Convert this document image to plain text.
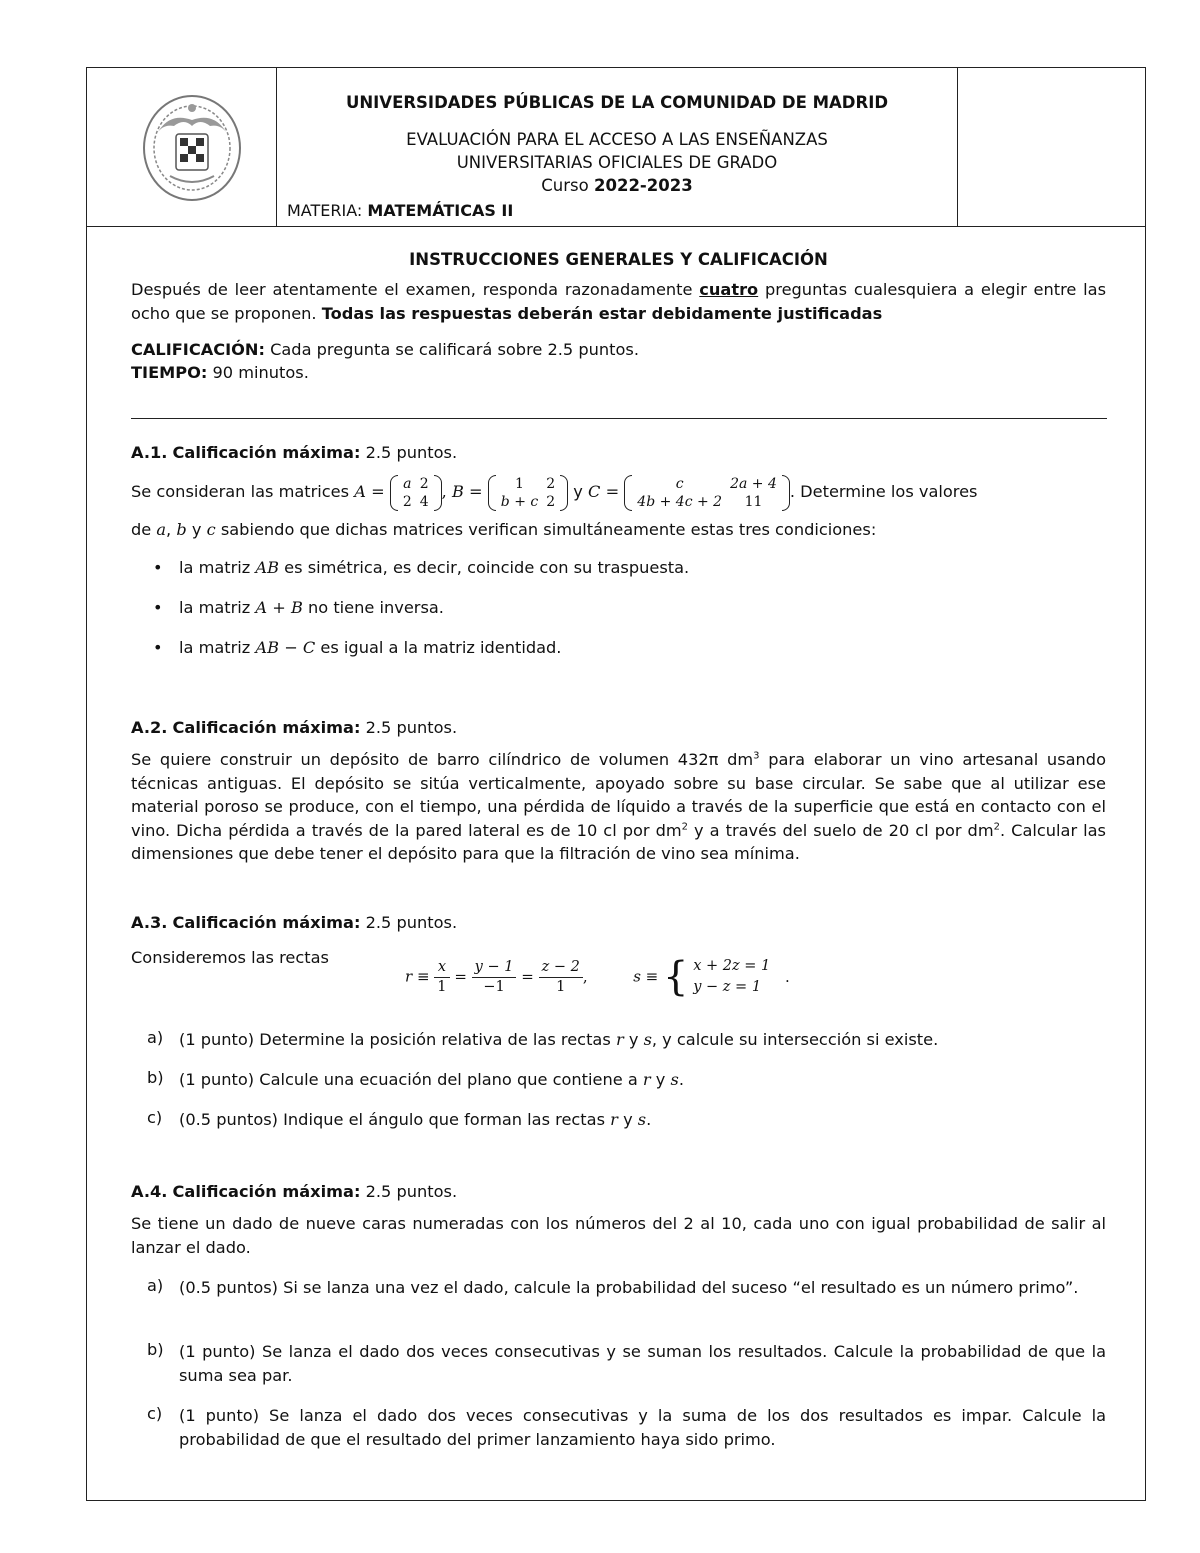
UNIVERSIDADES PÚBLICAS DE LA COMUNIDAD DE MADRID
EVALUACIÓN PARA EL ACCESO A LAS ENSEÑANZAS
UNIVERSITARIAS OFICIALES DE GRADO
Curso 2022-2023
MATERIA: MATEMÁTICAS II
INSTRUCCIONES GENERALES Y CALIFICACIÓN
Después de leer atentamente el examen, responda razonadamente cuatro preguntas cualesquiera a elegir entre las ocho que se proponen. Todas las respuestas deberán estar debidamente justificadas
CALIFICACIÓN: Cada pregunta se calificará sobre 2.5 puntos.
TIEMPO: 90 minutos.
A.1. Calificación máxima: 2.5 puntos.
Se consideran las matrices A = a	2
2	4
, B = 1	2
b + c	2
y C =	c	2a + 4
4b + 4c + 2	11
. Determine los valores
de a, b y c sabiendo que dichas matrices verifican simultáneamente estas tres condiciones:
• la matriz AB es simétrica, es decir, coincide con su traspuesta.
• la matriz A + B no tiene inversa.
• la matriz AB − C es igual a la matriz identidad.
A.2. Calificación máxima: 2.5 puntos.
Se quiere construir un depósito de barro cilíndrico de volumen 432π $dm^3$ para elaborar un vino artesanal usando técnicas antiguas. El depósito se sitúa verticalmente, apoyado sobre su base circular. Se sabe que al utilizar ese material poroso se produce, con el tiempo, una pérdida de líquido a través de la superficie que está en contacto con el vino. Dicha pérdida a través de la pared lateral es de 10 cl por $dm^2$ y a través del suelo de 20 cl por $dm^2$. Calcular las dimensiones que debe tener el depósito para que la filtración de vino sea mínima.
A.3. Calificación máxima: 2.5 puntos.
Consideremos las rectas
$r \equiv \frac{x}{1} = \frac{y - 1}{-1} = \frac{z - 2}{1}$ ,	s ≡ { x + 2z = 1
y − z = 1
.
a) (1 punto) Determine la posición relativa de las rectas r y s, y calcule su intersección si existe.
b) (1 punto) Calcule una ecuación del plano que contiene a r y s.
c) (0.5 puntos) Indique el ángulo que forman las rectas r y s.
A.4. Calificación máxima: 2.5 puntos.
Se tiene un dado de nueve caras numeradas con los números del 2 al 10, cada uno con igual probabilidad de salir al lanzar el dado.
a) (0.5 puntos) Si se lanza una vez el dado, calcule la probabilidad del suceso “el resultado es un número primo”.
b) (1 punto) Se lanza el dado dos veces consecutivas y se suman los resultados. Calcule la probabilidad de que la suma sea par.
c) (1 punto) Se lanza el dado dos veces consecutivas y la suma de los dos resultados es impar. Calcule la probabilidad de que el resultado del primer lanzamiento haya sido primo.
